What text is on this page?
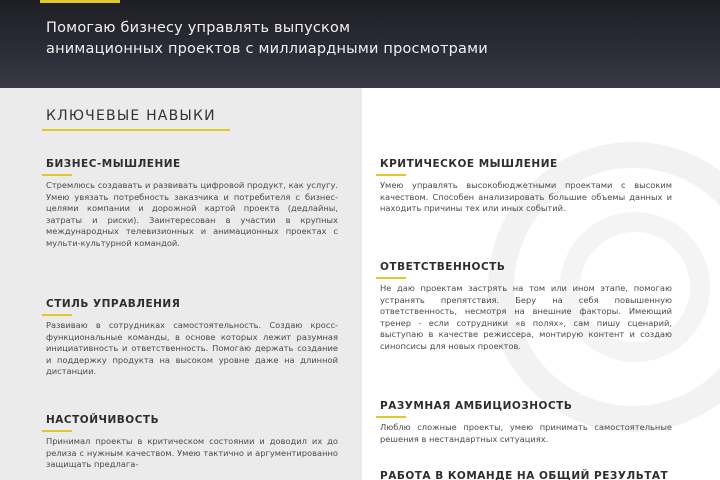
Помогаю бизнесу управлять выпуском
анимационных проектов с миллиардными просмотрами
КЛЮЧЕВЫЕ НАВЫКИ
БИЗНЕС-МЫШЛЕНИЕ
Стремлюсь создавать и развивать цифровой продукт, как услугу. Умею увязать потребность заказчика и потребителя с бизнес-целями компании и дорожной картой проекта (дедлайны, затраты и риски). Заинтересован в участии в крупных международных телевизионных и анимационных проектах с мульти-культурной командой.
СТИЛЬ УПРАВЛЕНИЯ
Развиваю в сотрудниках самостоятельность. Создаю кросс-функциональные команды, в основе которых лежит разумная инициативность и ответственность. Помогаю держать создание и поддержку продукта на высоком уровне даже на длинной дистанции.
НАСТОЙЧИВОСТЬ
Принимал проекты в критическом состоянии и доводил их до релиза с нужным качеством. Умею тактично и аргументированно защищать предлага-
КРИТИЧЕСКОЕ МЫШЛЕНИЕ
Умею управлять высокобюджетными проектами с высоким качеством. Способен анализировать большие объемы данных и находить причины тех или иных событий.
ОТВЕТСТВЕННОСТЬ
Не даю проектам застрять на том или ином этапе, помогаю устранять препятствия. Беру на себя повышенную ответственность, несмотря на внешние факторы. Имеющий тренер - если сотрудники «в полях», сам пишу сценарий, выступаю в качестве режиссера, монтирую контент и создаю синопсисы для новых проектов.
РАЗУМНАЯ АМБИЦИОЗНОСТЬ
Люблю сложные проекты, умею принимать самостоятельные решения в нестандартных ситуациях.
РАБОТА В КОМАНДЕ НА ОБЩИЙ РЕЗУЛЬТАТ
